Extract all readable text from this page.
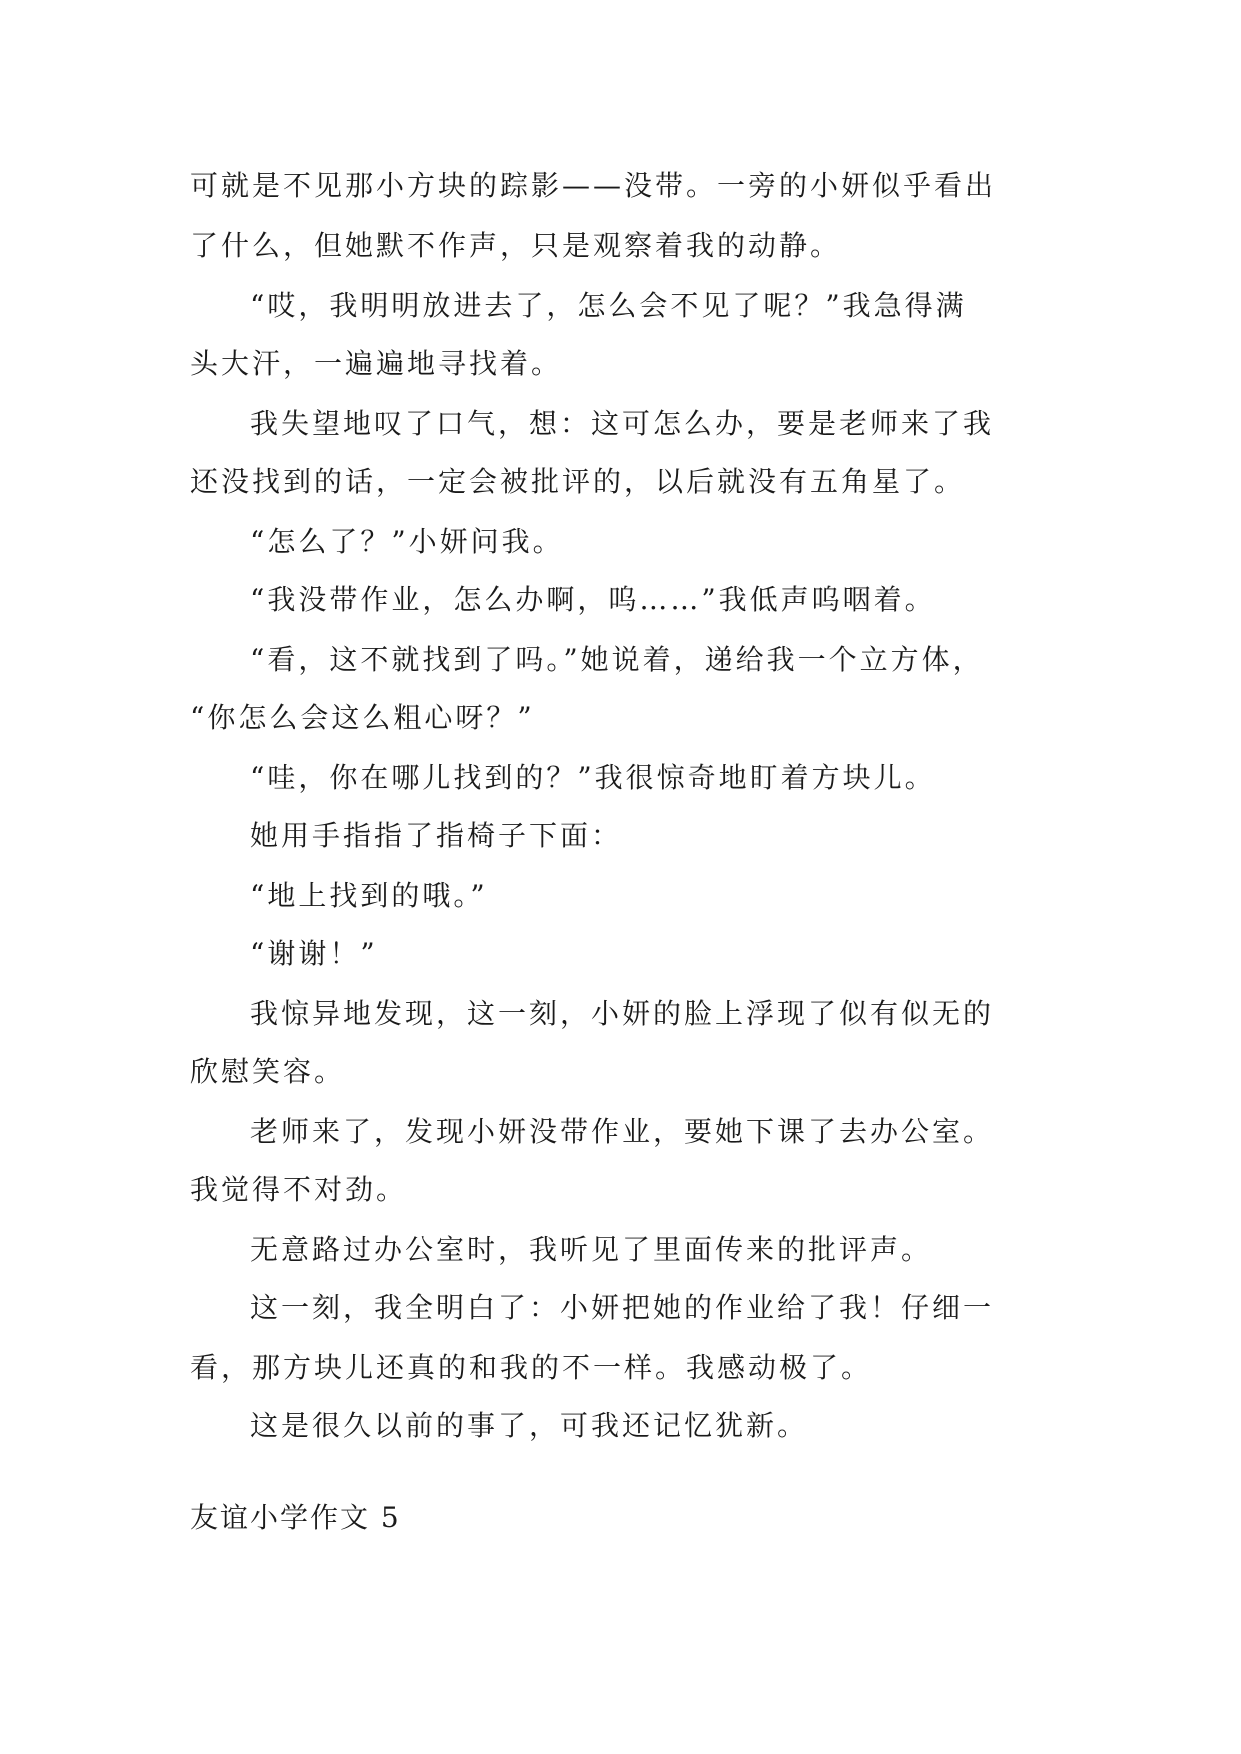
可就是不见那小方块的踪影——没带。一旁的小妍似乎看出
了什么，但她默不作声，只是观察着我的动静。
“哎，我明明放进去了，怎么会不见了呢？”我急得满
头大汗，一遍遍地寻找着。
我失望地叹了口气，想：这可怎么办，要是老师来了我
还没找到的话，一定会被批评的，以后就没有五角星了。
“怎么了？”小妍问我。
“我没带作业，怎么办啊，呜……”我低声呜咽着。
“看，这不就找到了吗。”她说着，递给我一个立方体，
“你怎么会这么粗心呀？”
“哇，你在哪儿找到的？”我很惊奇地盯着方块儿。
她用手指指了指椅子下面：
“地上找到的哦。”
“谢谢！”
我惊异地发现，这一刻，小妍的脸上浮现了似有似无的
欣慰笑容。
老师来了，发现小妍没带作业，要她下课了去办公室。
我觉得不对劲。
无意路过办公室时，我听见了里面传来的批评声。
这一刻，我全明白了：小妍把她的作业给了我！仔细一
看，那方块儿还真的和我的不一样。我感动极了。
这是很久以前的事了，可我还记忆犹新。
友谊小学作文 5
